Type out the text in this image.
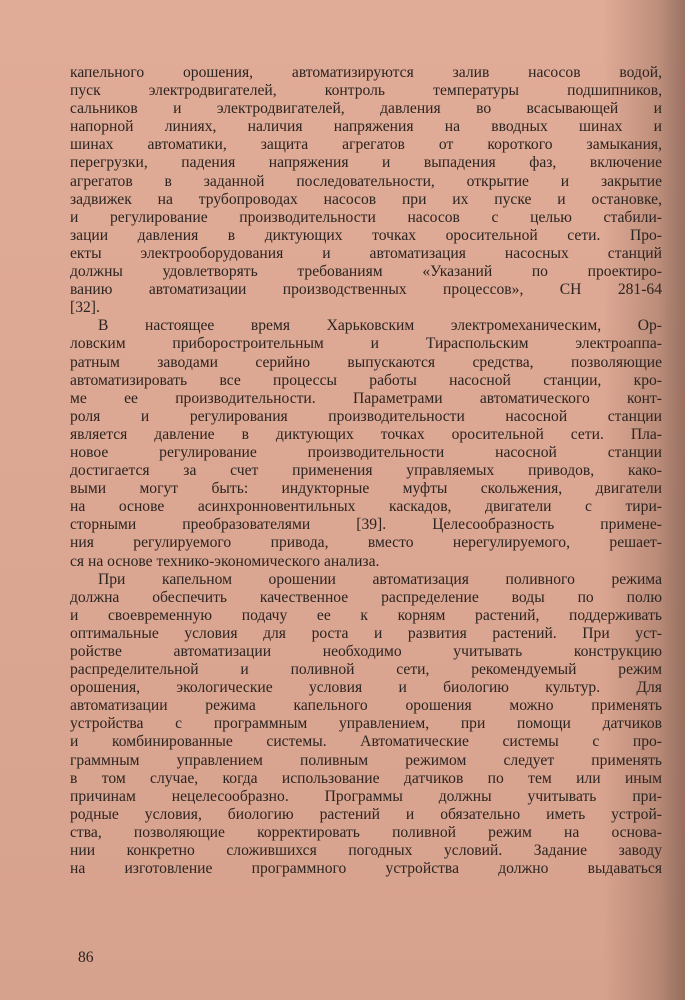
капельного орошения, автоматизируются залив насосов водой,
пуск электродвигателей, контроль температуры подшипников,
сальников и электродвигателей, давления во всасывающей и
напорной линиях, наличия напряжения на вводных шинах и
шинах автоматики, защита агрегатов от короткого замыкания,
перегрузки, падения напряжения и выпадения фаз, включение
агрегатов в заданной последовательности, открытие и закрытие
задвижек на трубопроводах насосов при их пуске и остановке,
и регулирование производительности насосов с целью стабили-
зации давления в диктующих точках оросительной сети. Про-
екты электрооборудования и автоматизация насосных станций
должны удовлетворять требованиям «Указаний по проектиро-
ванию автоматизации производственных процессов», СН 281-64
[32].
В настоящее время Харьковским электромеханическим, Ор-
ловским приборостроительным и Тираспольским электроаппа-
ратным заводами серийно выпускаются средства, позволяющие
автоматизировать все процессы работы насосной станции, кро-
ме ее производительности. Параметрами автоматического конт-
роля и регулирования производительности насосной станции
является давление в диктующих точках оросительной сети. Пла-
новое регулирование производительности насосной станции
достигается за счет применения управляемых приводов, како-
выми могут быть: индукторные муфты скольжения, двигатели
на основе асинхронновентильных каскадов, двигатели с тири-
сторными преобразователями [39]. Целесообразность примене-
ния регулируемого привода, вместо нерегулируемого, решает-
ся на основе технико-экономического анализа.
При капельном орошении автоматизация поливного режима
должна обеспечить качественное распределение воды по полю
и своевременную подачу ее к корням растений, поддерживать
оптимальные условия для роста и развития растений. При уст-
ройстве автоматизации необходимо учитывать конструкцию
распределительной и поливной сети, рекомендуемый режим
орошения, экологические условия и биологию культур. Для
автоматизации режима капельного орошения можно применять
устройства с программным управлением, при помощи датчиков
и комбинированные системы. Автоматические системы с про-
граммным управлением поливным режимом следует применять
в том случае, когда использование датчиков по тем или иным
причинам нецелесообразно. Программы должны учитывать при-
родные условия, биологию растений и обязательно иметь устрой-
ства, позволяющие корректировать поливной режим на основа-
нии конкретно сложившихся погодных условий. Задание заводу
на изготовление программного устройства должно выдаваться
86
